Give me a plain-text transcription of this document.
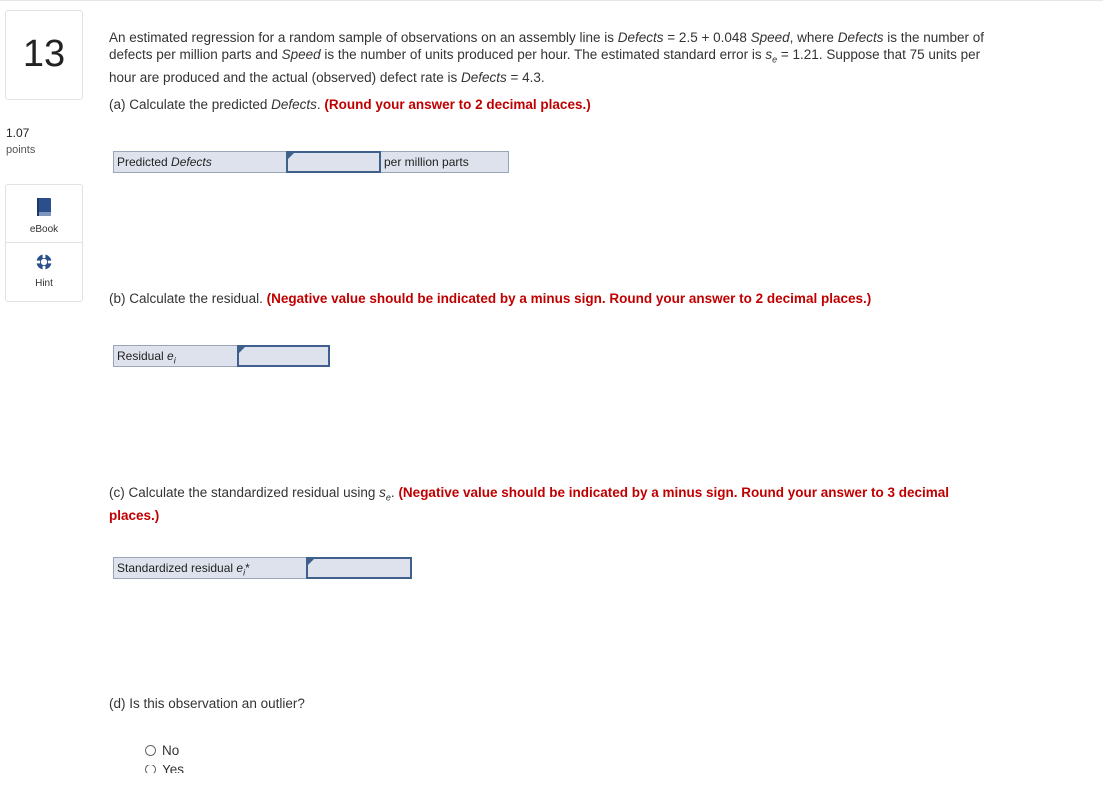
13
1.07
points
eBook
Hint
An estimated regression for a random sample of observations on an assembly line is Defects = 2.5 + 0.048 Speed, where Defects is the number of defects per million parts and Speed is the number of units produced per hour. The estimated standard error is $s_e = 1.21$. Suppose that 75 units per hour are produced and the actual (observed) defect rate is Defects = 4.3.
(a) Calculate the predicted Defects. (Round your answer to 2 decimal places.)
Predicted Defects	per million parts
(b) Calculate the residual. (Negative value should be indicated by a minus sign. Round your answer to 2 decimal places.)
Residual $e_i$
(c) Calculate the standardized residual using $s_e$. (Negative value should be indicated by a minus sign. Round your answer to 3 decimal places.)
Standardized residual $e_i*$
(d) Is this observation an outlier?
No
Yes
